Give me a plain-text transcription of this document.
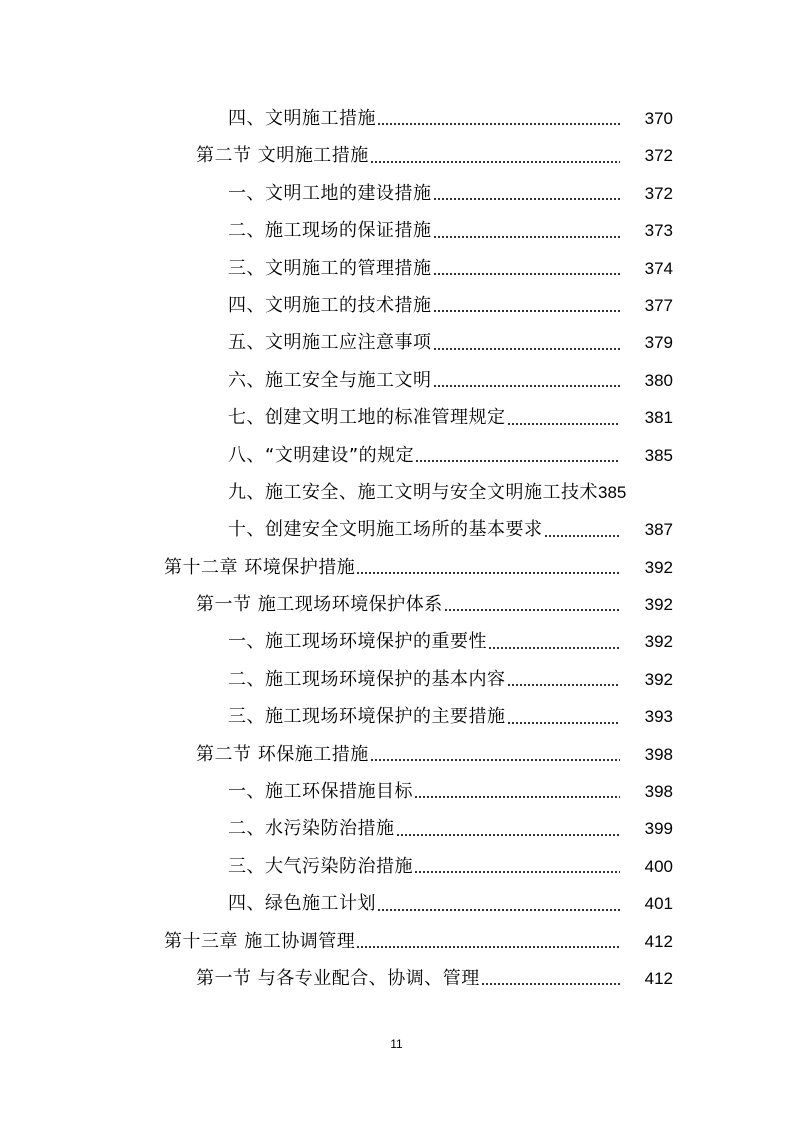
四、文明施工措施	370
第二节 文明施工措施	372
一、文明工地的建设措施	372
二、施工现场的保证措施	373
三、文明施工的管理措施	374
四、文明施工的技术措施	377
五、文明施工应注意事项	379
六、施工安全与施工文明	380
七、创建文明工地的标准管理规定	381
八、“文明建设”的规定	385
九、施工安全、施工文明与安全文明施工技术 385
十、创建安全文明施工场所的基本要求	387
第十二章 环境保护措施	392
第一节 施工现场环境保护体系	392
一、施工现场环境保护的重要性	392
二、施工现场环境保护的基本内容	392
三、施工现场环境保护的主要措施	393
第二节 环保施工措施	398
一、施工环保措施目标	398
二、水污染防治措施	399
三、大气污染防治措施	400
四、绿色施工计划	401
第十三章 施工协调管理	412
第一节 与各专业配合、协调、管理	412
11
